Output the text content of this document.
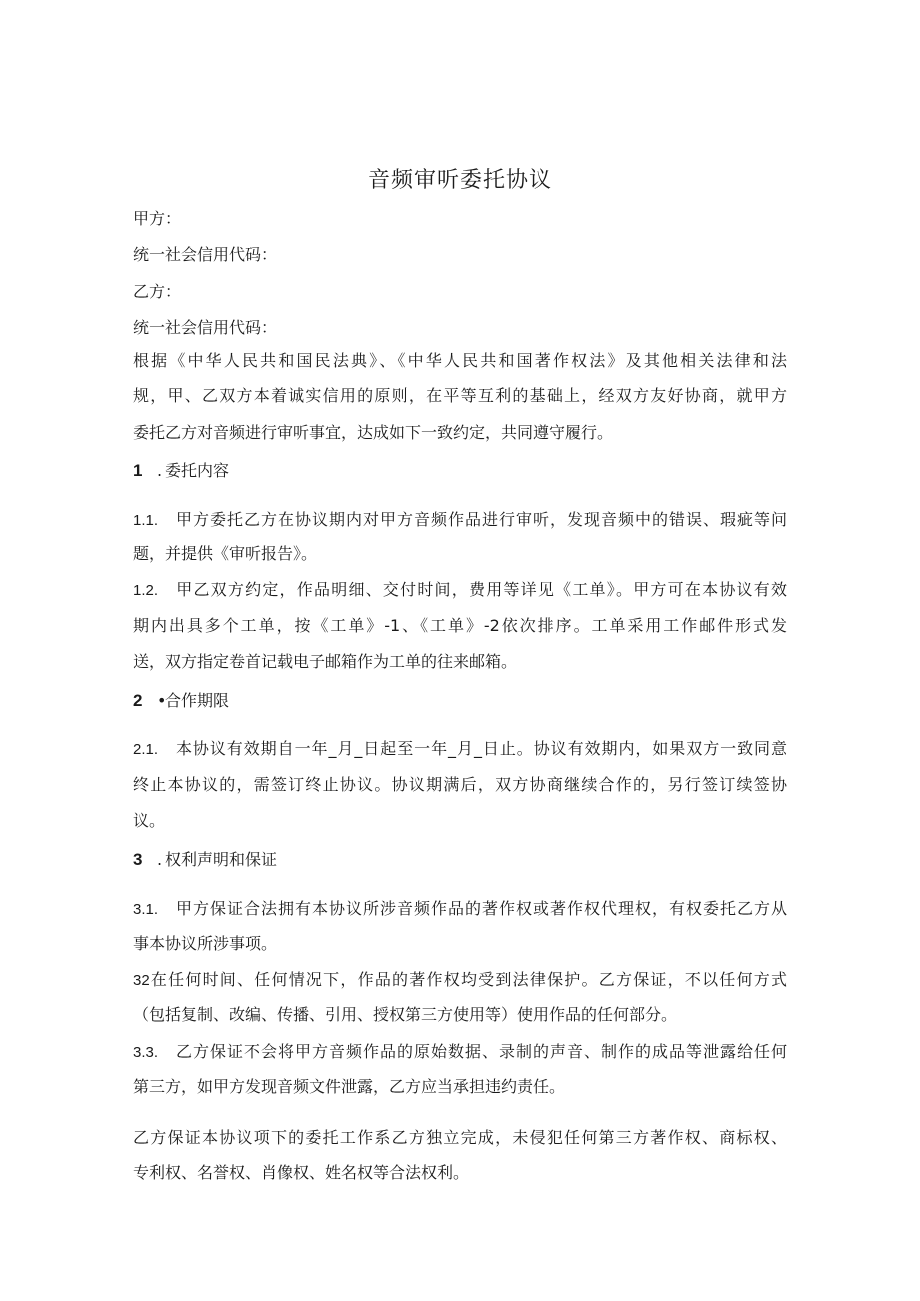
音频审听委托协议
甲方：
统一社会信用代码：
乙方：
统一社会信用代码：
根据《中华人民共和国民法典》、《中华人民共和国著作权法》及其他相关法律和法
规，甲、乙双方本着诚实信用的原则，在平等互利的基础上，经双方友好协商，就甲方
委托乙方对音频进行审听事宜，达成如下一致约定，共同遵守履行。
1 . 委托内容
1.1. 甲方委托乙方在协议期内对甲方音频作品进行审听，发现音频中的错误、瑕疵等问
题，并提供《审听报告》。
1.2. 甲乙双方约定，作品明细、交付时间，费用等详见《工单》。甲方可在本协议有效
期内出具多个工单，按《工单》-1、《工单》-2依次排序。工单采用工作邮件形式发
送，双方指定卷首记载电子邮箱作为工单的往来邮箱。
2 •合作期限
2.1. 本协议有效期自一年_月_日起至一年_月_日止。协议有效期内，如果双方一致同意
终止本协议的，需签订终止协议。协议期满后，双方协商继续合作的，另行签订续签协
议。
3 . 权利声明和保证
3.1. 甲方保证合法拥有本协议所涉音频作品的著作权或著作权代理权，有权委托乙方从
事本协议所涉事项。
32在任何时间、任何情况下，作品的著作权均受到法律保护。乙方保证，不以任何方式
（包括复制、改编、传播、引用、授权第三方使用等）使用作品的任何部分。
3.3. 乙方保证不会将甲方音频作品的原始数据、录制的声音、制作的成品等泄露给任何
第三方，如甲方发现音频文件泄露，乙方应当承担违约责任。
乙方保证本协议项下的委托工作系乙方独立完成，未侵犯任何第三方著作权、商标权、
专利权、名誉权、肖像权、姓名权等合法权利。
